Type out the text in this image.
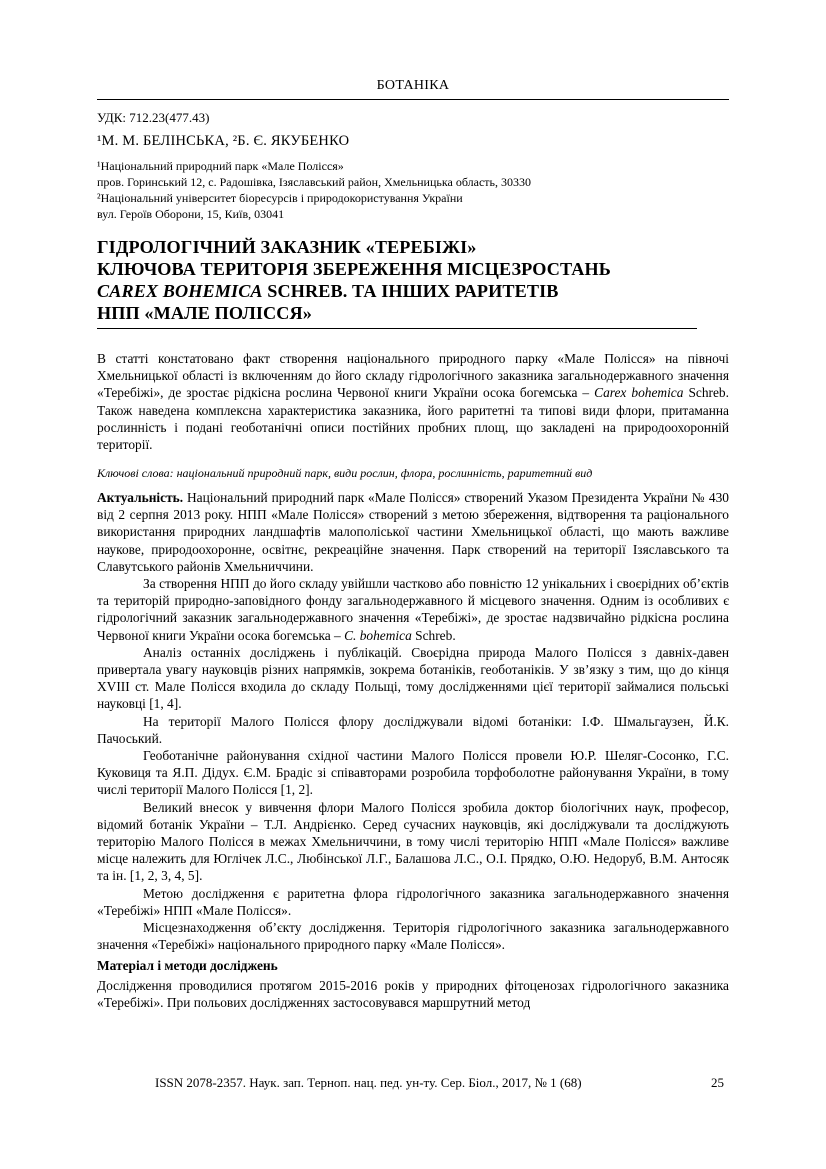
БОТАНІКА
УДК: 712.23(477.43)
¹М. М. БЕЛІНСЬКА, ²Б. Є. ЯКУБЕНКО
¹Національний природний парк «Мале Полісся»
пров. Горинський 12, с. Радошівка, Ізяславський район, Хмельницька область, 30330
²Національний університет біоресурсів і природокористування України
вул. Героїв Оборони, 15, Київ, 03041
ГІДРОЛОГІЧНИЙ ЗАКАЗНИК «ТЕРЕБІЖІ»
КЛЮЧОВА ТЕРИТОРІЯ ЗБЕРЕЖЕННЯ МІСЦЕЗРОСТАНЬ
CAREX BOHEMICA SCHREB. ТА ІНШИХ РАРИТЕТІВ
НПП «МАЛЕ ПОЛІССЯ»
В статті констатовано факт створення національного природного парку «Мале Полісся» на півночі Хмельницької області із включенням до його складу гідрологічного заказника загальнодержавного значення «Теребіжі», де зростає рідкісна рослина Червоної книги України осока богемська – Carex bohemica Schreb. Також наведена комплексна характеристика заказника, його раритетні та типові види флори, притаманна рослинність і подані геоботанічні описи постійних пробних площ, що закладені на природоохоронній території.
Ключові слова: національний природний парк, види рослин, флора, рослинність, раритетний вид

Актуальність. Національний природний парк «Мале Полісся» створений Указом Президента України № 430 від 2 серпня 2013 року. НПП «Мале Полісся» створений з метою збереження, відтворення та раціонального використання природних ландшафтів малополіської частини Хмельницької області, що мають важливе наукове, природоохоронне, освітнє, рекреаційне значення. Парк створений на території Ізяславського та Славутського районів Хмельниччини.

За створення НПП до його складу увійшли частково або повністю 12 унікальних і своєрідних об’єктів та територій природно-заповідного фонду загальнодержавного й місцевого значення. Одним із особливих є гідрологічний заказник загальнодержавного значення «Теребіжі», де зростає надзвичайно рідкісна рослина Червоної книги України осока богемська – C. bohemica Schreb.

Аналіз останніх досліджень і публікацій. Своєрідна природа Малого Полісся з давніх-давен привертала увагу науковців різних напрямків, зокрема ботаніків, геоботаніків. У зв’язку з тим, що до кінця XVIII ст. Мале Полісся входила до складу Польщі, тому дослідженнями цієї території займалися польські науковці [1, 4].

На території Малого Полісся флору досліджували відомі ботаніки: І.Ф. Шмальгаузен, Й.К. Пачоський.

Геоботанічне районування східної частини Малого Полісся провели Ю.Р. Шеляг-Сосонко, Г.С. Куковиця та Я.П. Дідух. Є.М. Брадіс зі співавторами розробила торфоболотне районування України, в тому числі території Малого Полісся [1, 2].

Великий внесок у вивчення флори Малого Полісся зробила доктор біологічних наук, професор, відомий ботанік України – Т.Л. Андрієнко. Серед сучасних науковців, які досліджували та досліджують територію Малого Полісся в межах Хмельниччини, в тому числі територію НПП «Мале Полісся» важливе місце належить для Юглічек Л.С., Любінської Л.Г., Балашова Л.С., О.І. Прядко, О.Ю. Недоруб, В.М. Антосяк та ін. [1, 2, 3, 4, 5].

Метою дослідження є раритетна флора гідрологічного заказника загальнодержавного значення «Теребіжі» НПП «Мале Полісся».

Місцезнаходження об’єкту дослідження. Територія гідрологічного заказника загальнодержавного значення «Теребіжі» національного природного парку «Мале Полісся».

Матеріал і методи досліджень

Дослідження проводилися протягом 2015-2016 років у природних фітоценозах гідрологічного заказника «Теребіжі». При польових дослідженнях застосовувався маршрутний метод

ISSN 2078-2357. Наук. зап. Терноп. нац. пед. ун-ту. Сер. Біол., 2017, № 1 (68)	25
